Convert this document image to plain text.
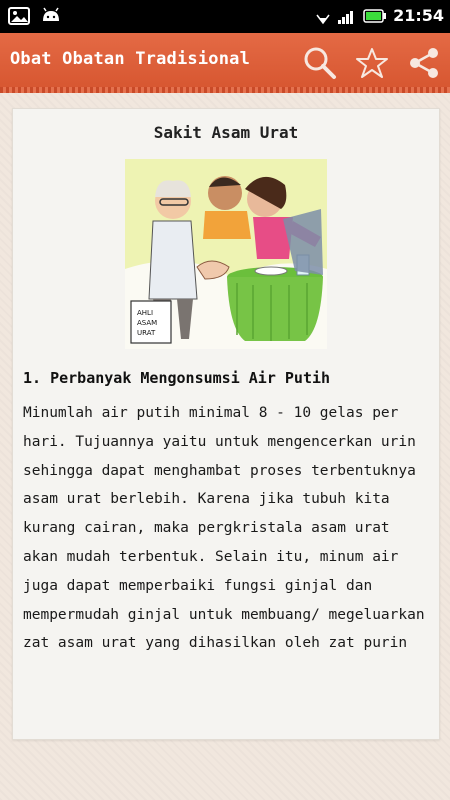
21:54
Obat Obatan Tradisional
Sakit Asam Urat
AHLI
ASAM
URAT
1. Perbanyak Mengonsumsi Air Putih

Minumlah air putih minimal 8 - 10 gelas per hari. Tujuannya yaitu untuk mengencerkan urin sehingga dapat menghambat proses terbentuknya asam urat berlebih. Karena jika tubuh kita kurang cairan, maka pergkristala asam urat akan mudah terbentuk. Selain itu, minum air juga dapat memperbaiki fungsi ginjal dan mempermudah ginjal untuk membuang/ megeluarkan zat asam urat yang dihasilkan oleh zat purin
